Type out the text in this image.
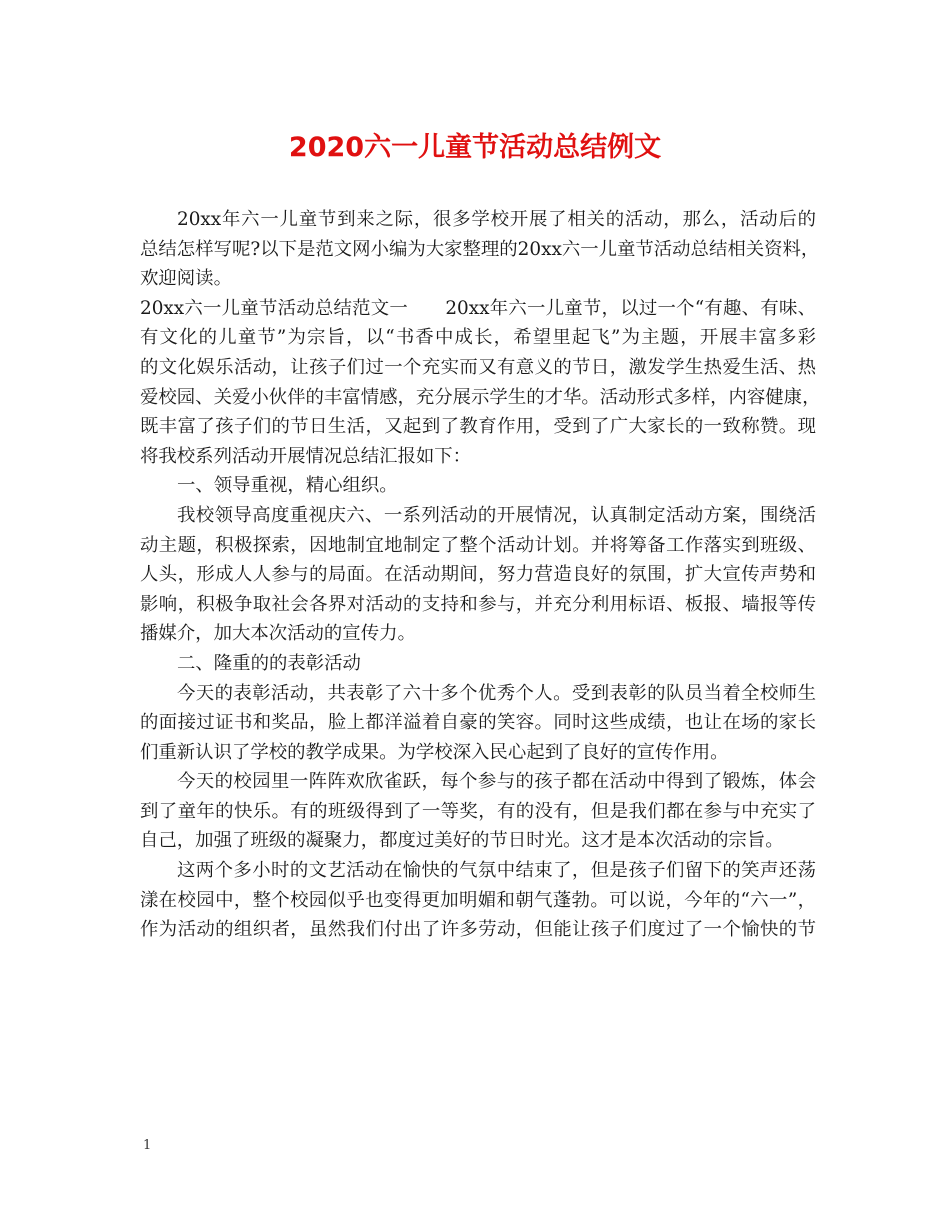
2020六一儿童节活动总结例文

20xx年六一儿童节到来之际，很多学校开展了相关的活动，那么，活动后的

总结怎样写呢?以下是范文网小编为大家整理的20xx六一儿童节活动总结相关资料，

欢迎阅读。

20xx六一儿童节活动总结范文一　　20xx年六一儿童节，以过一个“有趣、有味、

有文化的儿童节”为宗旨，以“书香中成长，希望里起飞”为主题，开展丰富多彩

的文化娱乐活动，让孩子们过一个充实而又有意义的节日，激发学生热爱生活、热

爱校园、关爱小伙伴的丰富情感，充分展示学生的才华。活动形式多样，内容健康，

既丰富了孩子们的节日生活，又起到了教育作用，受到了广大家长的一致称赞。现

将我校系列活动开展情况总结汇报如下：

一、领导重视，精心组织。

我校领导高度重视庆六、一系列活动的开展情况，认真制定活动方案，围绕活

动主题，积极探索，因地制宜地制定了整个活动计划。并将筹备工作落实到班级、

人头，形成人人参与的局面。在活动期间，努力营造良好的氛围，扩大宣传声势和

影响，积极争取社会各界对活动的支持和参与，并充分利用标语、板报、墙报等传

播媒介，加大本次活动的宣传力。

二、隆重的的表彰活动

今天的表彰活动，共表彰了六十多个优秀个人。受到表彰的队员当着全校师生

的面接过证书和奖品，脸上都洋溢着自豪的笑容。同时这些成绩，也让在场的家长

们重新认识了学校的教学成果。为学校深入民心起到了良好的宣传作用。

今天的校园里一阵阵欢欣雀跃，每个参与的孩子都在活动中得到了锻炼，体会

到了童年的快乐。有的班级得到了一等奖，有的没有，但是我们都在参与中充实了

自己，加强了班级的凝聚力，都度过美好的节日时光。这才是本次活动的宗旨。

这两个多小时的文艺活动在愉快的气氛中结束了，但是孩子们留下的笑声还荡

漾在校园中，整个校园似乎也变得更加明媚和朝气蓬勃。可以说，今年的“六一”，

作为活动的组织者，虽然我们付出了许多劳动，但能让孩子们度过了一个愉快的节

1
